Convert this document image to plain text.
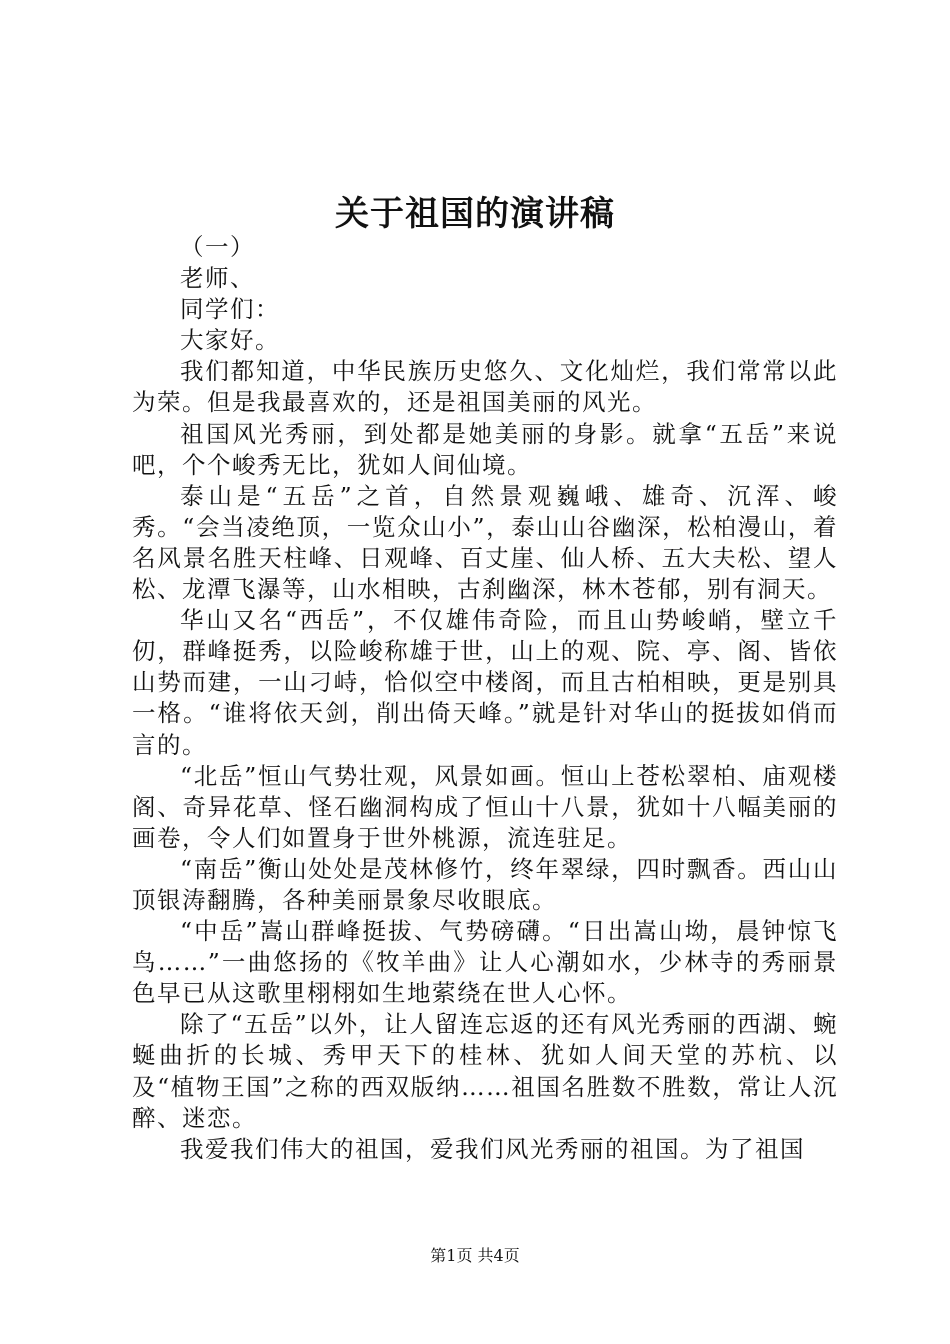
关于祖国的演讲稿

（一）

老师、

同学们：

大家好。

我们都知道，中华民族历史悠久、文化灿烂，我们常常以此为荣。但是我最喜欢的，还是祖国美丽的风光。

祖国风光秀丽，到处都是她美丽的身影。就拿“五岳”来说吧，个个峻秀无比，犹如人间仙境。

泰山是“五岳”之首，自然景观巍峨、雄奇、沉浑、峻秀。“会当凌绝顶，一览众山小”，泰山山谷幽深，松柏漫山，着名风景名胜天柱峰、日观峰、百丈崖、仙人桥、五大夫松、望人松、龙潭飞瀑等，山水相映，古刹幽深，林木苍郁，别有洞天。

华山又名“西岳”，不仅雄伟奇险，而且山势峻峭，壁立千仞，群峰挺秀，以险峻称雄于世，山上的观、院、亭、阁、皆依山势而建，一山刁峙，恰似空中楼阁，而且古柏相映，更是别具一格。“谁将依天剑，削出倚天峰。”就是针对华山的挺拔如俏而言的。

“北岳”恒山气势壮观，风景如画。恒山上苍松翠柏、庙观楼阁、奇异花草、怪石幽洞构成了恒山十八景，犹如十八幅美丽的画卷，令人们如置身于世外桃源，流连驻足。

“南岳”衡山处处是茂林修竹，终年翠绿，四时飘香。西山山顶银涛翻腾，各种美丽景象尽收眼底。

“中岳”嵩山群峰挺拔、气势磅礴。“日出嵩山坳，晨钟惊飞鸟……”一曲悠扬的《牧羊曲》让人心潮如水，少林寺的秀丽景色早已从这歌里栩栩如生地萦绕在世人心怀。

除了“五岳”以外，让人留连忘返的还有风光秀丽的西湖、蜿蜒曲折的长城、秀甲天下的桂林、犹如人间天堂的苏杭、以及“植物王国”之称的西双版纳……祖国名胜数不胜数，常让人沉醉、迷恋。

我爱我们伟大的祖国，爱我们风光秀丽的祖国。为了祖国

第1页 共4页
